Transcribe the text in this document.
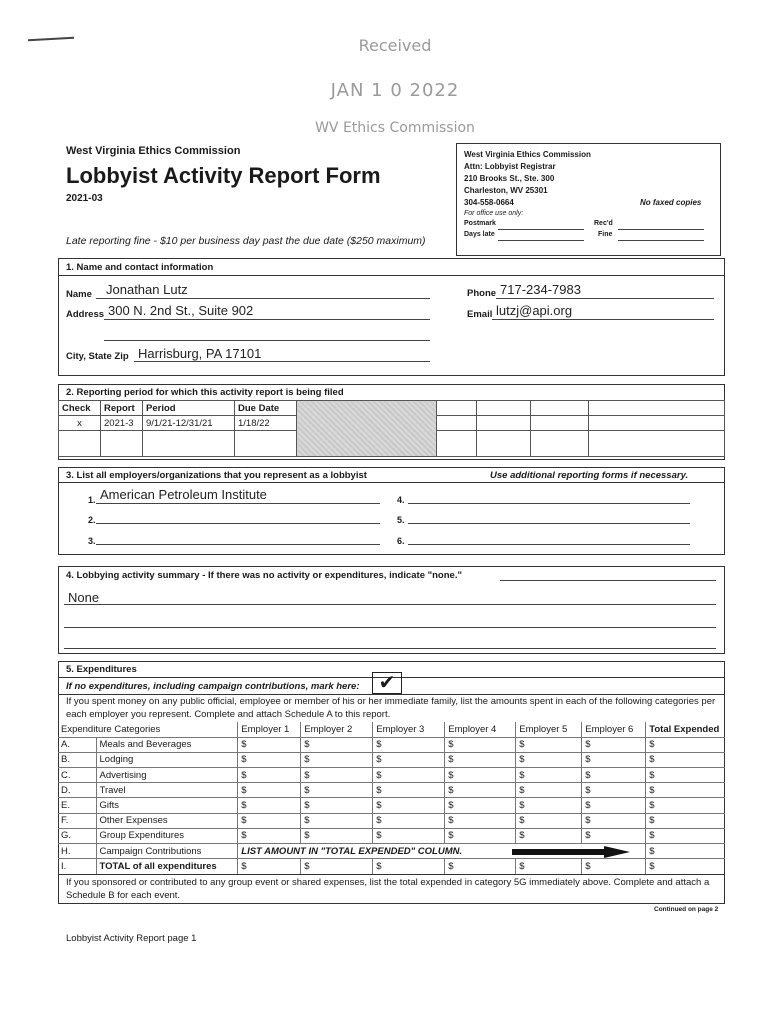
Received
JAN 1 0 2022
WV Ethics Commission
West Virginia Ethics Commission
Lobbyist Activity Report Form
2021-03
Late reporting fine - $10 per business day past the due date ($250 maximum)
West Virginia Ethics Commission
Attn: Lobbyist Registrar
210 Brooks St., Ste. 300
Charleston, WV 25301
304-558-0664	No faxed copies
For office use only:
Postmark	Rec'd
Days late	Fine
1. Name and contact information
Name Jonathan Lutz
Address 300 N. 2nd St., Suite 902
City, State Zip Harrisburg, PA 17101
Phone 717-234-7983
Email lutzj@api.org
2. Reporting period for which this activity report is being filed
Check	Report	Period	Due Date					
x	2021-3	9/1/21-12/31/21	1/18/22					

3. List all employers/organizations that you represent as a lobbyist	Use additional reporting forms if necessary.
1. American Petroleum Institute
2.
3.
4.
5.
6.
4. Lobbying activity summary - If there was no activity or expenditures, indicate "none."
None
5. Expenditures
If no expenditures, including campaign contributions, mark here: ✔
If you spent money on any public official, employee or member of his or her immediate family, list the amounts spent in each of the following categories per each employer you represent. Complete and attach Schedule A to this report.
Expenditure Categories		Employer 1	Employer 2	Employer 3	Employer 4	Employer 5	Employer 6	Total Expended
A.	Meals and Beverages	$	$	$	$	$	$	$
B.	Lodging	$	$	$	$	$	$	$
C.	Advertising	$	$	$	$	$	$	$
D.	Travel	$	$	$	$	$	$	$
E.	Gifts	$	$	$	$	$	$	$
F.	Other Expenses	$	$	$	$	$	$	$
G.	Group Expenditures	$	$	$	$	$	$	$
H.	Campaign Contributions	LIST AMOUNT IN "TOTAL EXPENDED" COLUMN.						$
I.	TOTAL of all expenditures	$	$	$	$	$	$	$
If you sponsored or contributed to any group event or shared expenses, list the total expended in category 5G immediately above. Complete and attach a Schedule B for each event.
Continued on page 2
Lobbyist Activity Report page 1
